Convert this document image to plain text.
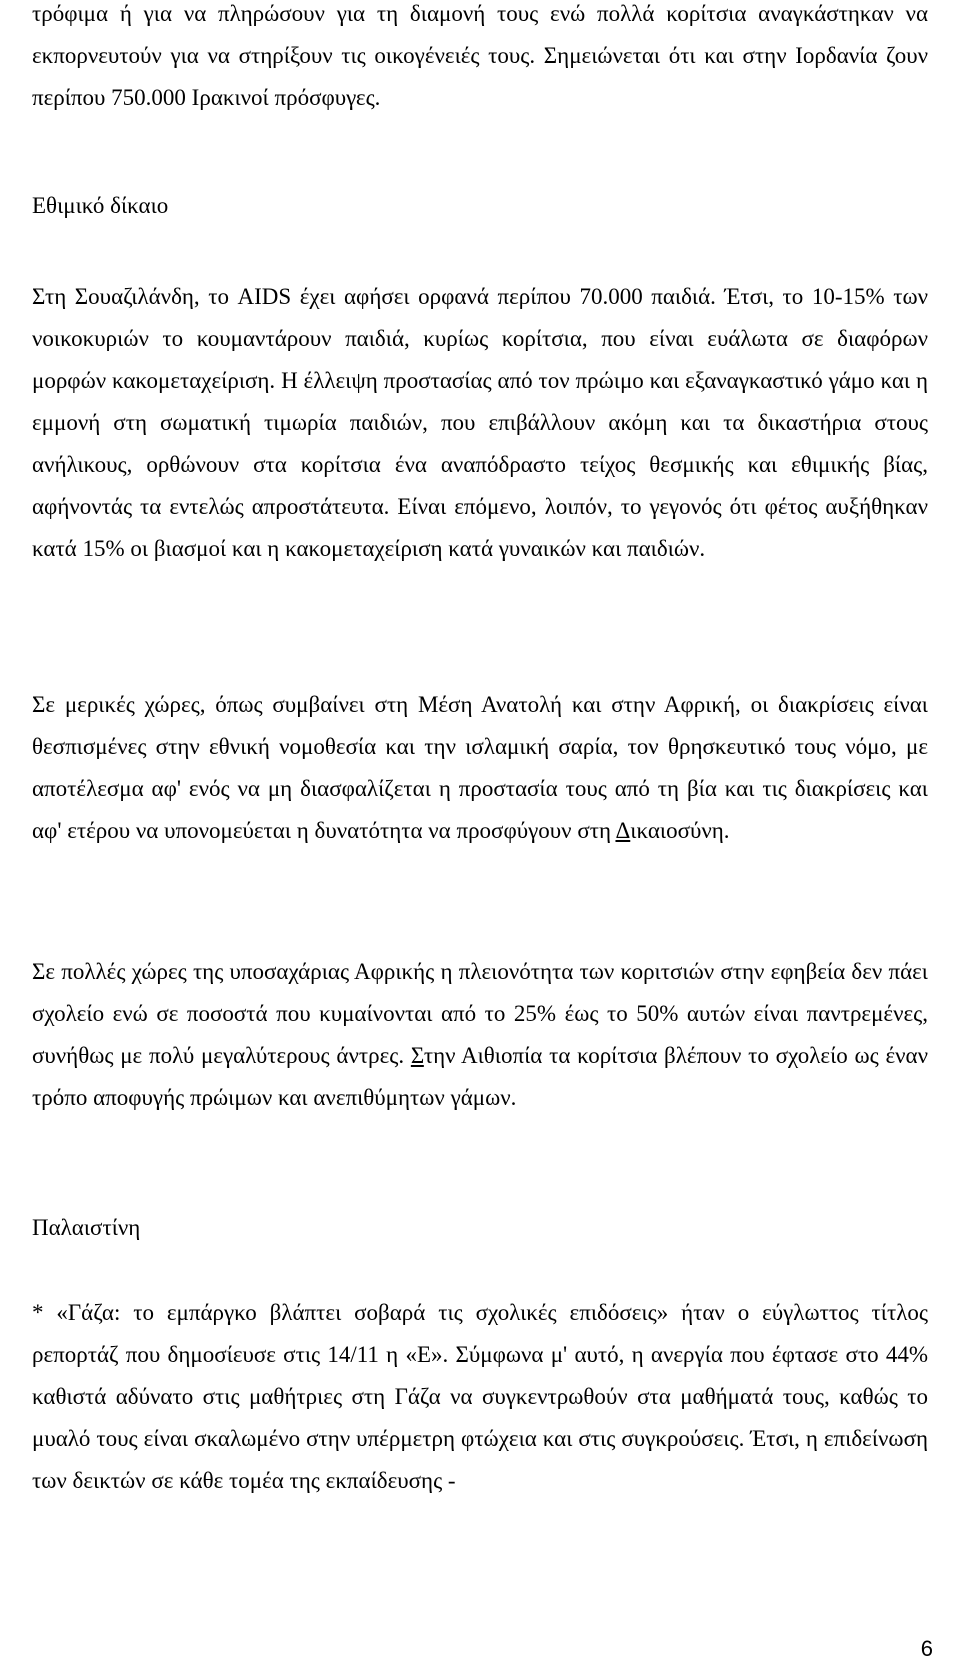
τρόφιμα ή για να πληρώσουν για τη διαμονή τους ενώ πολλά κορίτσια αναγκάστηκαν να εκπορνευτούν για να στηρίξουν τις οικογένειές τους. Σημειώνεται ότι και στην Ιορδανία ζουν περίπου 750.000 Ιρακινοί πρόσφυγες.

Εθιμικό δίκαιο

Στη Σουαζιλάνδη, το AIDS έχει αφήσει ορφανά περίπου 70.000 παιδιά. Έτσι, το 10-15% των νοικοκυριών το κουμαντάρουν παιδιά, κυρίως κορίτσια, που είναι ευάλωτα σε διαφόρων μορφών κακομεταχείριση. Η έλλειψη προστασίας από τον πρώιμο και εξαναγκαστικό γάμο και η εμμονή στη σωματική τιμωρία παιδιών, που επιβάλλουν ακόμη και τα δικαστήρια στους ανήλικους, ορθώνουν στα κορίτσια ένα αναπόδραστο τείχος θεσμικής και εθιμικής βίας, αφήνοντάς τα εντελώς απροστάτευτα. Είναι επόμενο, λοιπόν, το γεγονός ότι φέτος αυξήθηκαν κατά 15% οι βιασμοί και η κακομεταχείριση κατά γυναικών και παιδιών.

Σε μερικές χώρες, όπως συμβαίνει στη Μέση Ανατολή και στην Αφρική, οι διακρίσεις είναι θεσπισμένες στην εθνική νομοθεσία και την ισλαμική σαρία, τον θρησκευτικό τους νόμο, με αποτέλεσμα αφ' ενός να μη διασφαλίζεται η προστασία τους από τη βία και τις διακρίσεις και αφ' ετέρου να υπονομεύεται η δυνατότητα να προσφύγουν στη Δικαιοσύνη.

Σε πολλές χώρες της υποσαχάριας Αφρικής η πλειονότητα των κοριτσιών στην εφηβεία δεν πάει σχολείο ενώ σε ποσοστά που κυμαίνονται από το 25% έως το 50% αυτών είναι παντρεμένες, συνήθως με πολύ μεγαλύτερους άντρες. Στην Αιθιοπία τα κορίτσια βλέπουν το σχολείο ως έναν τρόπο αποφυγής πρώιμων και ανεπιθύμητων γάμων.

Παλαιστίνη

* «Γάζα: το εμπάργκο βλάπτει σοβαρά τις σχολικές επιδόσεις» ήταν ο εύγλωττος τίτλος ρεπορτάζ που δημοσίευσε στις 14/11 η «Ε». Σύμφωνα μ' αυτό, η ανεργία που έφτασε στο 44% καθιστά αδύνατο στις μαθήτριες στη Γάζα να συγκεντρωθούν στα μαθήματά τους, καθώς το μυαλό τους είναι σκαλωμένο στην υπέρμετρη φτώχεια και στις συγκρούσεις. Έτσι, η επιδείνωση των δεικτών σε κάθε τομέα της εκπαίδευσης -

6
